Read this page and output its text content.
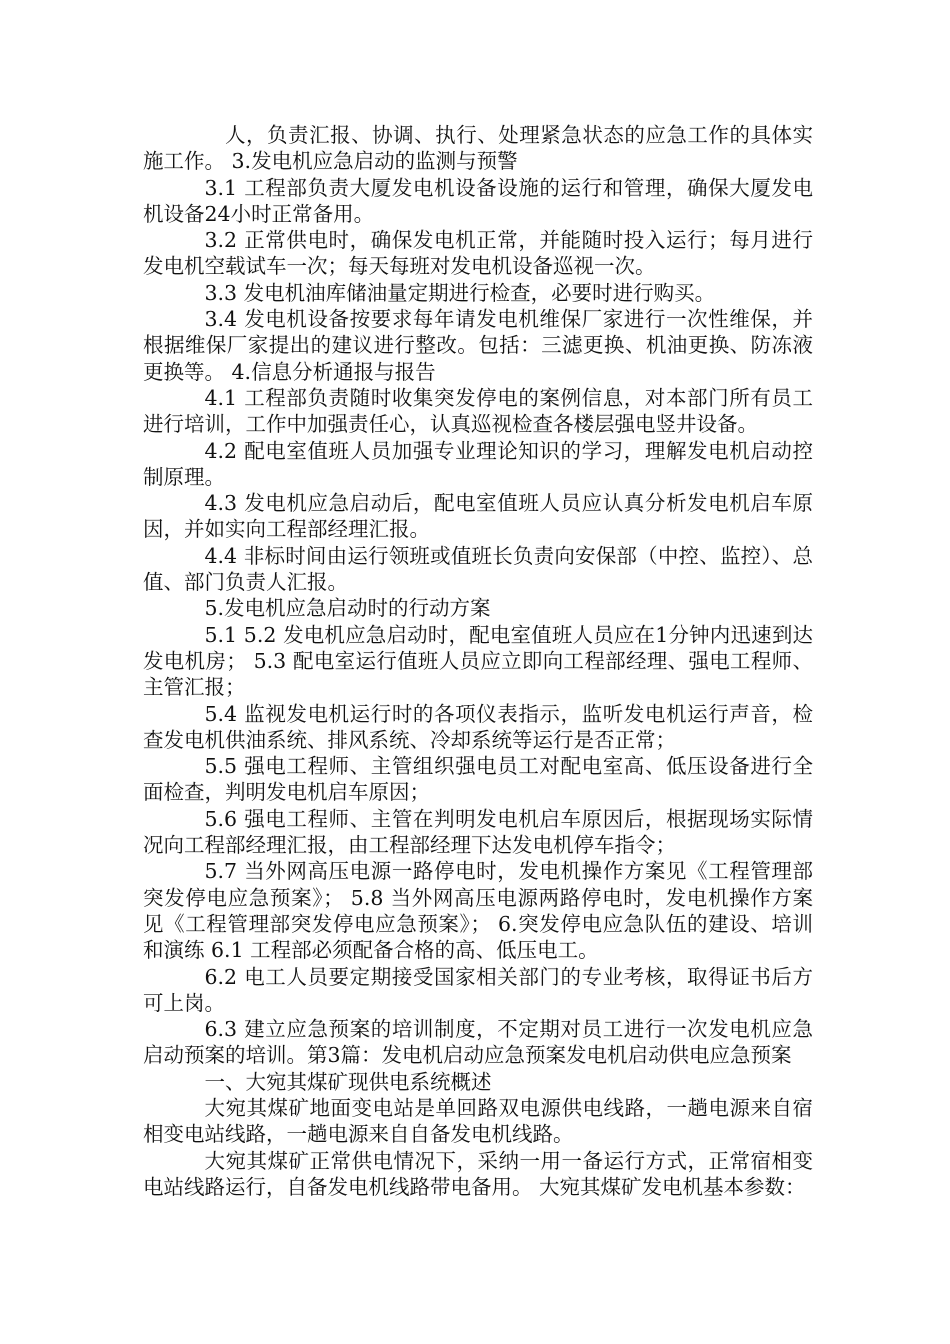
人，负责汇报、协调、执行、处理紧急状态的应急工作的具体实施工作。 3.发电机应急启动的监测与预警

3.1 工程部负责大厦发电机设备设施的运行和管理，确保大厦发电机设备24小时正常备用。

3.2 正常供电时，确保发电机正常，并能随时投入运行；每月进行发电机空载试车一次；每天每班对发电机设备巡视一次。

3.3 发电机油库储油量定期进行检查，必要时进行购买。

3.4 发电机设备按要求每年请发电机维保厂家进行一次性维保，并根据维保厂家提出的建议进行整改。包括：三滤更换、机油更换、防冻液更换等。 4.信息分析通报与报告

4.1 工程部负责随时收集突发停电的案例信息，对本部门所有员工进行培训，工作中加强责任心，认真巡视检查各楼层强电竖井设备。

4.2 配电室值班人员加强专业理论知识的学习，理解发电机启动控制原理。

4.3 发电机应急启动后，配电室值班人员应认真分析发电机启车原因，并如实向工程部经理汇报。

4.4 非标时间由运行领班或值班长负责向安保部（中控、监控）、总值、部门负责人汇报。

5.发电机应急启动时的行动方案

5.1 5.2 发电机应急启动时，配电室值班人员应在1分钟内迅速到达发电机房； 5.3 配电室运行值班人员应立即向工程部经理、强电工程师、主管汇报；

5.4 监视发电机运行时的各项仪表指示，监听发电机运行声音，检查发电机供油系统、排风系统、冷却系统等运行是否正常；

5.5 强电工程师、主管组织强电员工对配电室高、低压设备进行全面检查，判明发电机启车原因；

5.6 强电工程师、主管在判明发电机启车原因后，根据现场实际情况向工程部经理汇报，由工程部经理下达发电机停车指令；

5.7 当外网高压电源一路停电时，发电机操作方案见《工程管理部突发停电应急预案》； 5.8 当外网高压电源两路停电时，发电机操作方案见《工程管理部突发停电应急预案》； 6.突发停电应急队伍的建设、培训和演练 6.1 工程部必须配备合格的高、低压电工。

6.2 电工人员要定期接受国家相关部门的专业考核，取得证书后方可上岗。

6.3 建立应急预案的培训制度，不定期对员工进行一次发电机应急启动预案的培训。第3篇：发电机启动应急预案发电机启动供电应急预案

一、大宛其煤矿现供电系统概述

大宛其煤矿地面变电站是单回路双电源供电线路，一趟电源来自宿相变电站线路，一趟电源来自自备发电机线路。

大宛其煤矿正常供电情况下，采纳一用一备运行方式，正常宿相变电站线路运行，自备发电机线路带电备用。 大宛其煤矿发电机基本参数：
